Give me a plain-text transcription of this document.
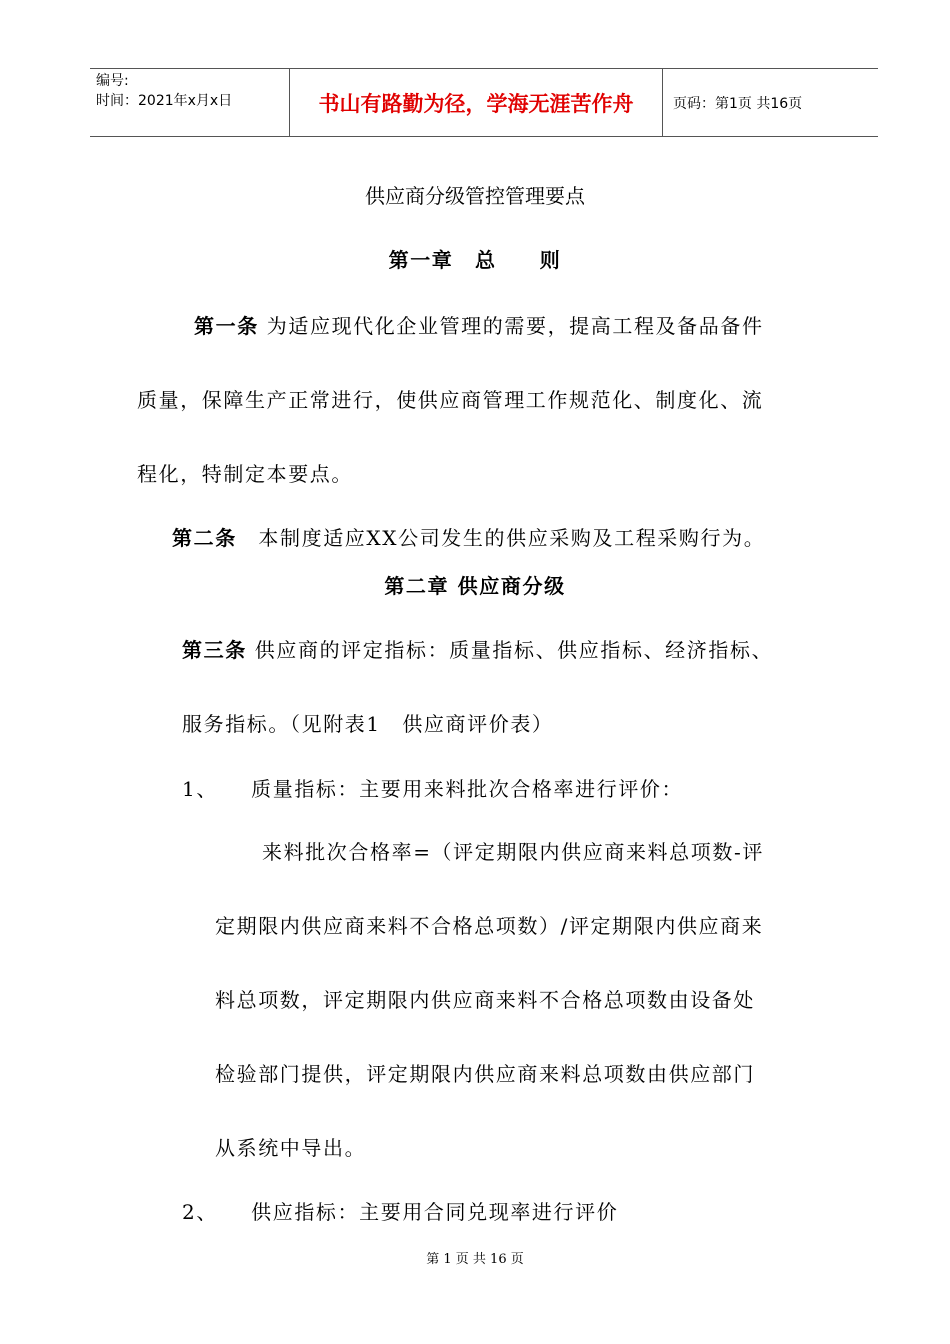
编号:
时间：2021年x月x日	书山有路勤为径，学海无涯苦作舟	页码：第1页 共16页
供应商分级管控管理要点
第一章　总　　则
第一条 为适应现代化企业管理的需要，提高工程及备品备件
质量，保障生产正常进行，使供应商管理工作规范化、制度化、流
程化，特制定本要点。
第二条　本制度适应XX公司发生的供应采购及工程采购行为。
第二章 供应商分级
第三条 供应商的评定指标：质量指标、供应指标、经济指标、
服务指标。（见附表1　供应商评价表）
1、　　质量指标：主要用来料批次合格率进行评价：
来料批次合格率=（评定期限内供应商来料总项数-评
定期限内供应商来料不合格总项数）/评定期限内供应商来
料总项数，评定期限内供应商来料不合格总项数由设备处
检验部门提供，评定期限内供应商来料总项数由供应部门
从系统中导出。
2、　　供应指标：主要用合同兑现率进行评价
第 1 页 共 16 页
